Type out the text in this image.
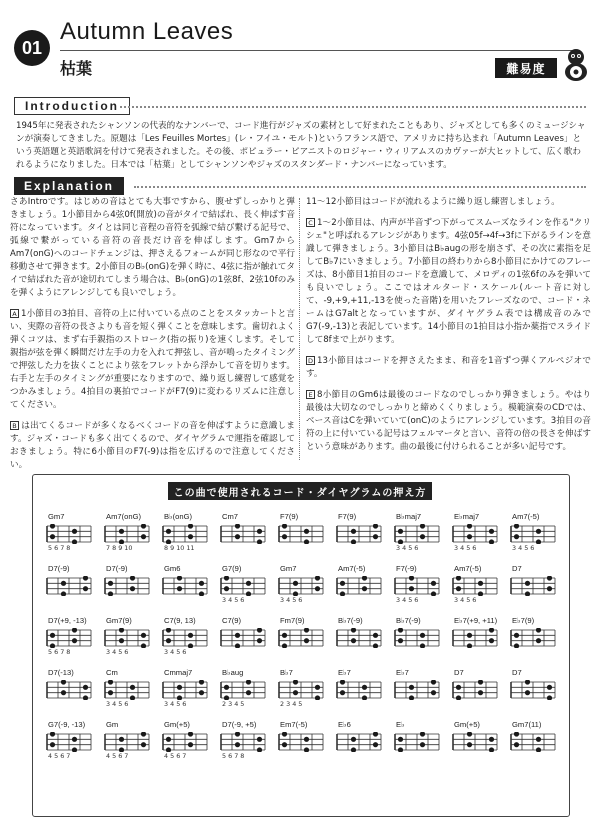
01
Autumn Leaves
枯葉	難易度
Introduction
1945年に発表されたシャンソンの代表的なナンバーで、コード進行がジャズの素材として好まれたこともあり、ジャズとしても多くのミュージシャンが演奏してきました。原題は「Les Feuilles Mortes」(レ・フイユ・モルト)というフランス語で、アメリカに持ち込まれ「Autumn Leaves」という英語題と英語歌詞を付けて発表されました。その後、ポピュラー・ピアニストのロジャー・ウィリアムスのカヴァーが大ヒットして、広く歌われるようになりました。日本では「枯葉」としてシャンソンやジャズのスタンダード・ナンバーになっています。
Explanation

さあIntroです。はじめの音はとても大事ですから、腹せずしっかりと弾きましょう。1小節目から4弦0f(開放)の音がタイで結ばれ、長く伸ばす音符になっています。タイとは同じ音程の音符を弧線で結び繋げる記号で、弧線で繋がっている音符の音長だけ音を伸ばします。Gm7からAm7(onG)へのコードチェンジは、押さえるフォームが同じ形なので平行移動させて弾きます。2小節目のB♭(onG)を弾く時に、4弦に指が触れてタイで結ばれた音が途切れてしまう場合は、B♭(onG)の1弦8f、2弦10fのみを弾くようにアレンジしても良いでしょう。

A 1小節目の3拍目、音符の上に付いている点のことをスタッカートと言い、実際の音符の長さよりも音を短く弾くことを意味します。歯切れよく弾くコツは、まず右手親指のストローク(指の振り)を速くします。そして親指が弦を弾く瞬間だけ左手の力を入れて押弦し、音が鳴ったタイミングで押弦した力を抜くことにより弦をフレットから浮かして音を切ります。右手と左手のタイミングが重要になりますので、繰り返し練習して感覚をつかみましょう。4拍目の裏拍でコードがF7(9)に変わるリズムに注意してください。

B は出てくるコードが多くなるべくコードの音を伸ばすように意識します。ジャズ・コードも多く出てくるので、ダイヤグラムで運指を確認しておきましょう。特に6小節目のF7(-9)は指を広げるので注意してください。

11〜12小節目はコードが流れるように繰り返し練習しましょう。

C 1〜2小節目は、内声が半音ずつ下がってスムーズなラインを作る"クリシェ"と呼ばれるアレンジがあります。4弦05f→4f→3fに下がるラインを意識して弾きましょう。3小節目はB♭augの形を崩さず、その次に素指を足してB♭7にいきましょう。7小節目の終わりから8小節目にかけてのフレーズは、8小節目1拍目のコードを意識して、メロディの1弦6fのみを弾いても良いでしょう。ここではオルタード・スケール(ルート音に対して、-9,+9,+11,-13を使った音階)を用いたフレーズなので、コード・ネームはG7altとなっていますが、ダイヤグラム表では構成音のみでG7(-9,-13)と表記しています。14小節目の1拍目は小指か薬指でスライドして8fまで上がります。

D 13小節目はコードを押さえたまま、和音を1音ずつ弾くアルペジオです。

E 8小節目のGm6は最後のコードなのでしっかり弾きましょう。やはり最後は大切なのでしっかりと締めくくりましょう。模範演奏のCDでは、ベース音はCを弾いていて(onC)のようにアレンジしています。3拍目の音符の上に付いている記号はフェルマータと言い、音符の倍の長さを伸ばすという意味があります。曲の最後に付けられることが多い記号です。

この曲で使用されるコード・ダイヤグラムの押え方
Gm7
5 6 7 8
Am7(onG)
7 8 9 10
B♭(onG)
8 9 10 11
Cm7	F7(9)	F7(9)	B♭maj7
3 4 5 6
E♭maj7
3 4 5 6
Am7(-5)
3 4 5 6
D7(-9)	D7(-9)	Gm6	G7(9)
3 4 5 6
Gm7
3 4 5 6
Am7(-5)	F7(-9)
3 4 5 6
Am7(-5)
3 4 5 6
D7
D7(+9, -13)
5 6 7 8
Gm7(9)
3 4 5 6
C7(9, 13)
3 4 5 6
C7(9)	Fm7(9)	B♭7(-9)	B♭7(-9)	E♭7(+9, +11) E♭7(9)
D7(-13)	Cm
3 4 5 6
Cmmaj7
3 4 5 6
B♭aug
2 3 4 5
B♭7
2 3 4 5
E♭7	E♭7	D7	D7
G7(-9, -13)
4 5 6 7
Gm
4 5 6 7
Gm(+5)
4 5 6 7
D7(-9, +5)
5 6 7 8
Em7(-5)	E♭6	E♭	Gm(+5)	Gm7(11)
